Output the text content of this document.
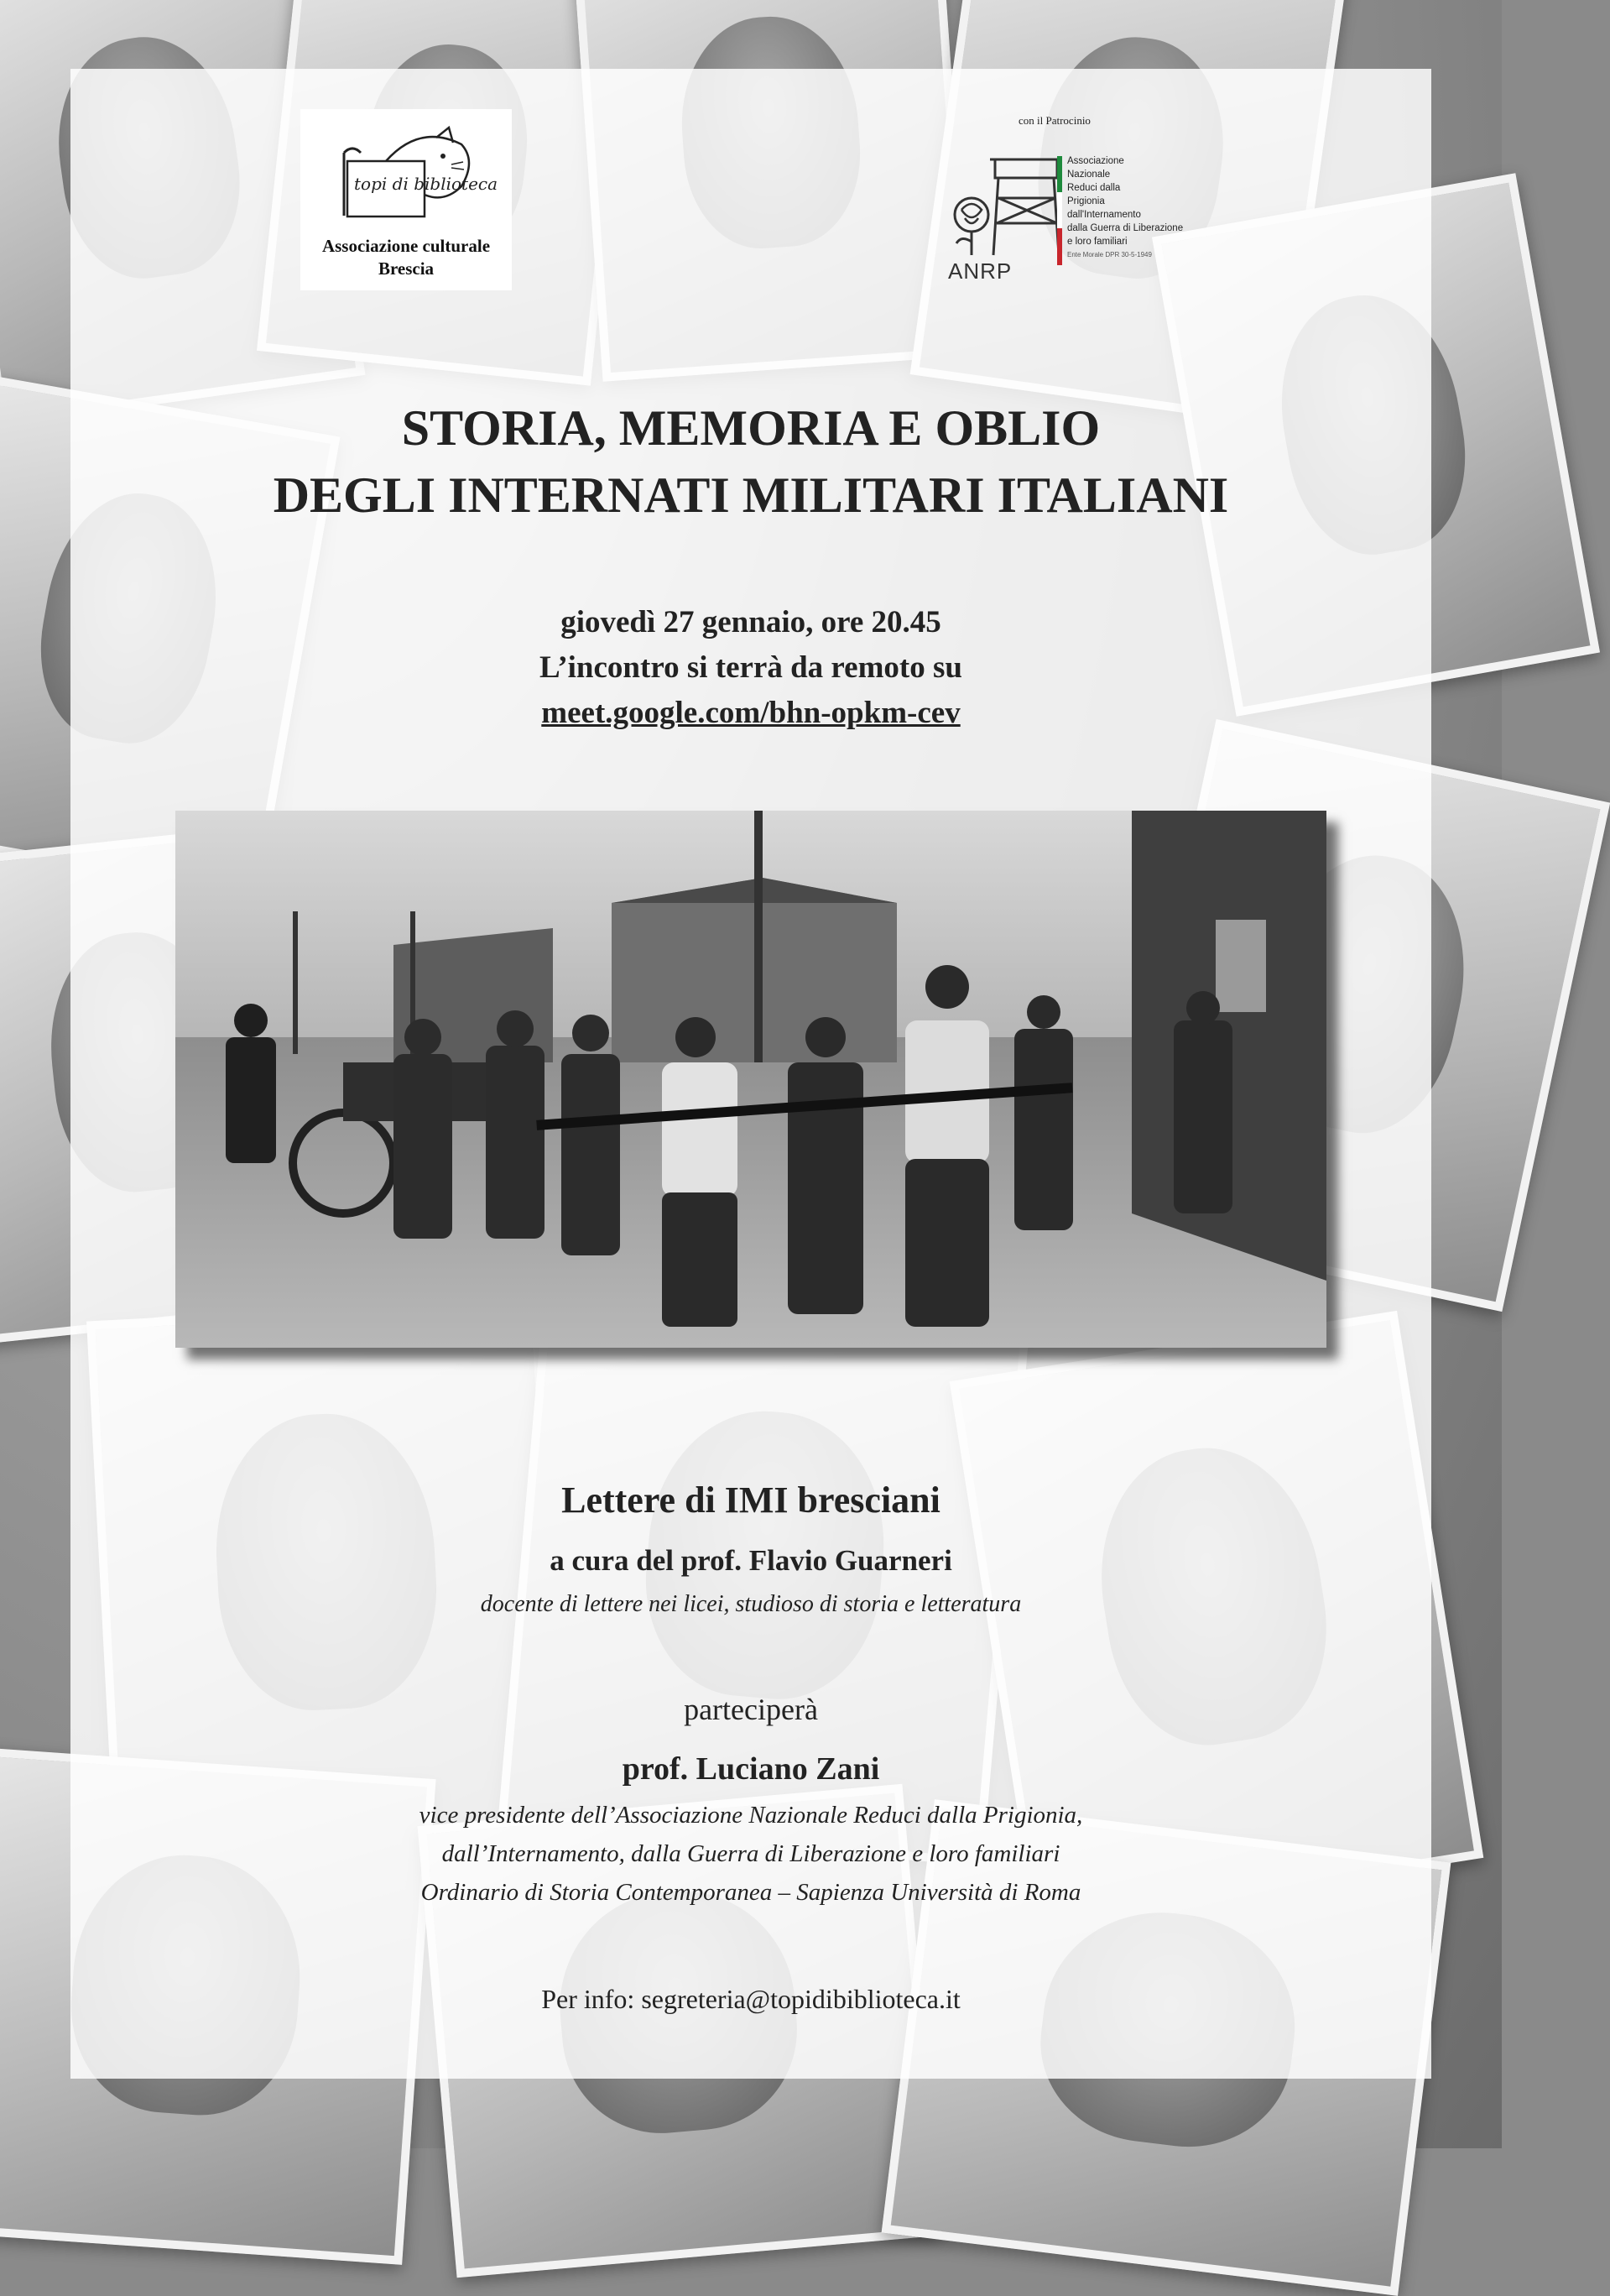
topi di biblioteca
Associazione culturale
Brescia
con il Patrocinio
ANRP
Associazione
Nazionale
Reduci dalla
Prigionia
dall'Internamento
dalla Guerra di Liberazione
e loro familiari
Ente Morale DPR 30-5-1949
STORIA, MEMORIA E OBLIO
DEGLI INTERNATI MILITARI ITALIANI
giovedì 27 gennaio, ore 20.45
L’incontro si terrà da remoto su
meet.google.com/bhn-opkm-cev
Lettere di IMI bresciani
a cura del prof. Flavio Guarneri
docente di lettere nei licei, studioso di storia e letteratura
parteciperà
prof. Luciano Zani
vice presidente dell’Associazione Nazionale Reduci dalla Prigionia,
dall’Internamento, dalla Guerra di Liberazione e loro familiari
Ordinario di Storia Contemporanea – Sapienza Università di Roma
Per info: segreteria@topidibiblioteca.it
